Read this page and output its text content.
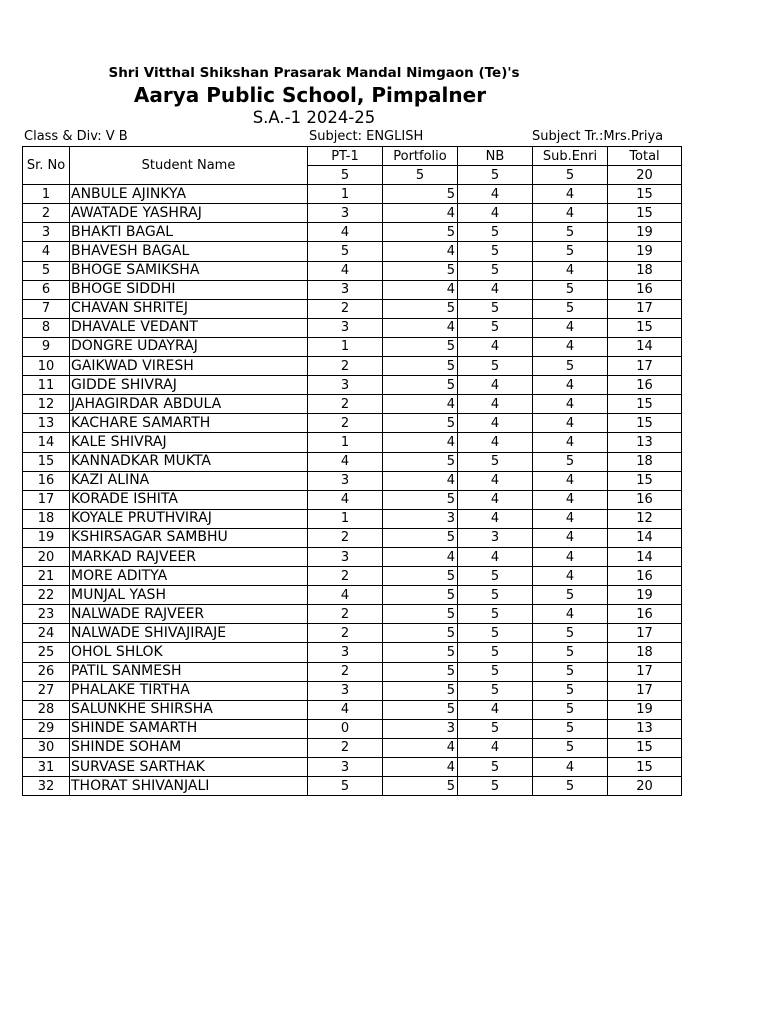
Shri Vitthal Shikshan Prasarak Mandal Nimgaon (Te)'s
Aarya Public School, Pimpalner
S.A.-1 2024-25
Class & Div: V B	Subject: ENGLISH	Subject Tr.:Mrs.Priya
Sr. No	Student Name	PT-1	Portfolio	NB	Sub.Enri	Total
		5	5	5	5	20
1	ANBULE AJINKYA	1	5	4	4	15
2	AWATADE YASHRAJ	3	4	4	4	15
3	BHAKTI BAGAL	4	5	5	5	19
4	BHAVESH BAGAL	5	4	5	5	19
5	BHOGE SAMIKSHA	4	5	5	4	18
6	BHOGE SIDDHI	3	4	4	5	16
7	CHAVAN SHRITEJ	2	5	5	5	17
8	DHAVALE VEDANT	3	4	5	4	15
9	DONGRE UDAYRAJ	1	5	4	4	14
10	GAIKWAD VIRESH	2	5	5	5	17
11	GIDDE SHIVRAJ	3	5	4	4	16
12	JAHAGIRDAR ABDULA	2	4	4	4	15
13	KACHARE SAMARTH	2	5	4	4	15
14	KALE SHIVRAJ	1	4	4	4	13
15	KANNADKAR MUKTA	4	5	5	5	18
16	KAZI ALINA	3	4	4	4	15
17	KORADE ISHITA	4	5	4	4	16
18	KOYALE PRUTHVIRAJ	1	3	4	4	12
19	KSHIRSAGAR SAMBHU	2	5	3	4	14
20	MARKAD RAJVEER	3	4	4	4	14
21	MORE ADITYA	2	5	5	4	16
22	MUNJAL YASH	4	5	5	5	19
23	NALWADE RAJVEER	2	5	5	4	16
24	NALWADE SHIVAJIRAJE	2	5	5	5	17
25	OHOL SHLOK	3	5	5	5	18
26	PATIL SANMESH	2	5	5	5	17
27	PHALAKE TIRTHA	3	5	5	5	17
28	SALUNKHE SHIRSHA	4	5	4	5	19
29	SHINDE SAMARTH	0	3	5	5	13
30	SHINDE SOHAM	2	4	4	5	15
31	SURVASE SARTHAK	3	4	5	4	15
32	THORAT SHIVANJALI	5	5	5	5	20
